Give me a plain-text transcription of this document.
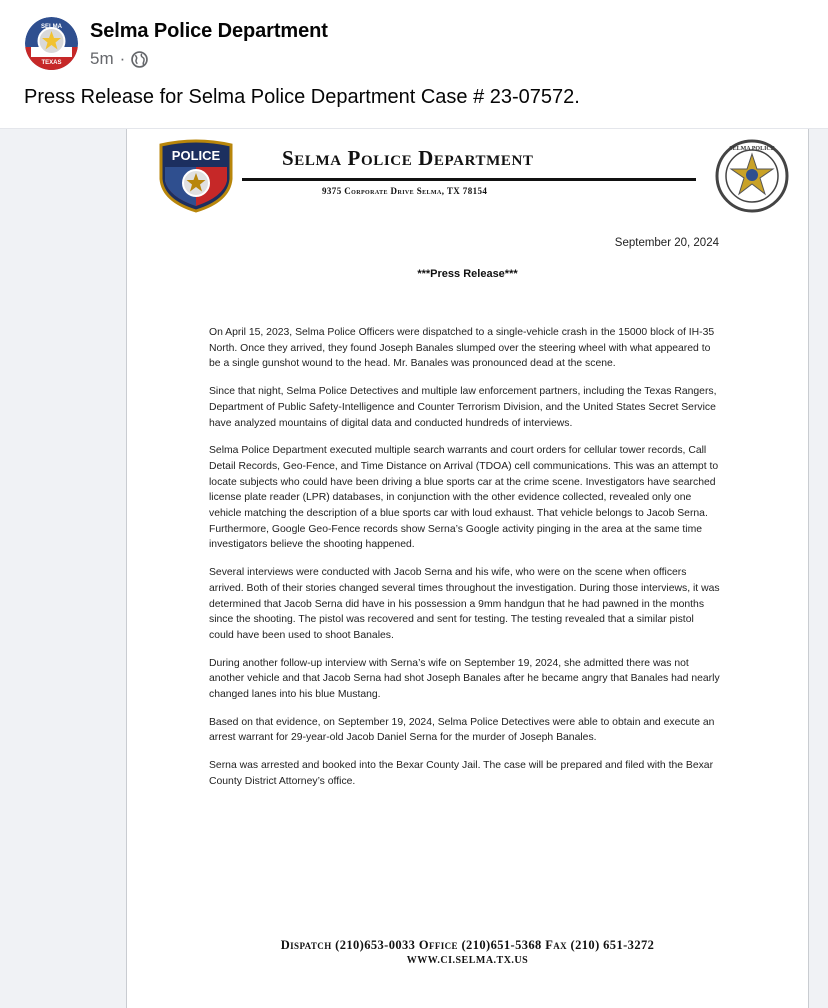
SELMA
TEXAS
Selma Police Department
5m ·
Press Release for Selma Police Department Case # 23-07572.
POLICE	Selma Police Department
9375 Corporate Drive Selma, TX 78154
SELMA POLICE
September 20, 2024
***Press Release***

On April 15, 2023, Selma Police Officers were dispatched to a single-vehicle crash in the 15000 block of IH-35 North. Once they arrived, they found Joseph Banales slumped over the steering wheel with what appeared to be a single gunshot wound to the head. Mr. Banales was pronounced dead at the scene.

Since that night, Selma Police Detectives and multiple law enforcement partners, including the Texas Rangers, Department of Public Safety-Intelligence and Counter Terrorism Division, and the United States Secret Service have analyzed mountains of digital data and conducted hundreds of interviews.

Selma Police Department executed multiple search warrants and court orders for cellular tower records, Call Detail Records, Geo-Fence, and Time Distance on Arrival (TDOA) cell communications. This was an attempt to locate subjects who could have been driving a blue sports car at the crime scene. Investigators have searched license plate reader (LPR) databases, in conjunction with the other evidence collected, revealed only one vehicle matching the description of a blue sports car with loud exhaust. That vehicle belongs to Jacob Serna. Furthermore, Google Geo-Fence records show Serna’s Google activity pinging in the area at the same time investigators believe the shooting happened.

Several interviews were conducted with Jacob Serna and his wife, who were on the scene when officers arrived. Both of their stories changed several times throughout the investigation. During those interviews, it was determined that Jacob Serna did have in his possession a 9mm handgun that he had pawned in the months since the shooting. The pistol was recovered and sent for testing. The testing revealed that a similar pistol could have been used to shoot Banales.

During another follow-up interview with Serna’s wife on September 19, 2024, she admitted there was not another vehicle and that Jacob Serna had shot Joseph Banales after he became angry that Banales had nearly changed lanes into his blue Mustang.

Based on that evidence, on September 19, 2024, Selma Police Detectives were able to obtain and execute an arrest warrant for 29-year-old Jacob Daniel Serna for the murder of Joseph Banales.

Serna was arrested and booked into the Bexar County Jail. The case will be prepared and filed with the Bexar County District Attorney’s office.

Dispatch (210)653-0033 Office (210)651-5368 Fax (210) 651-3272
WWW.CI.SELMA.TX.US
